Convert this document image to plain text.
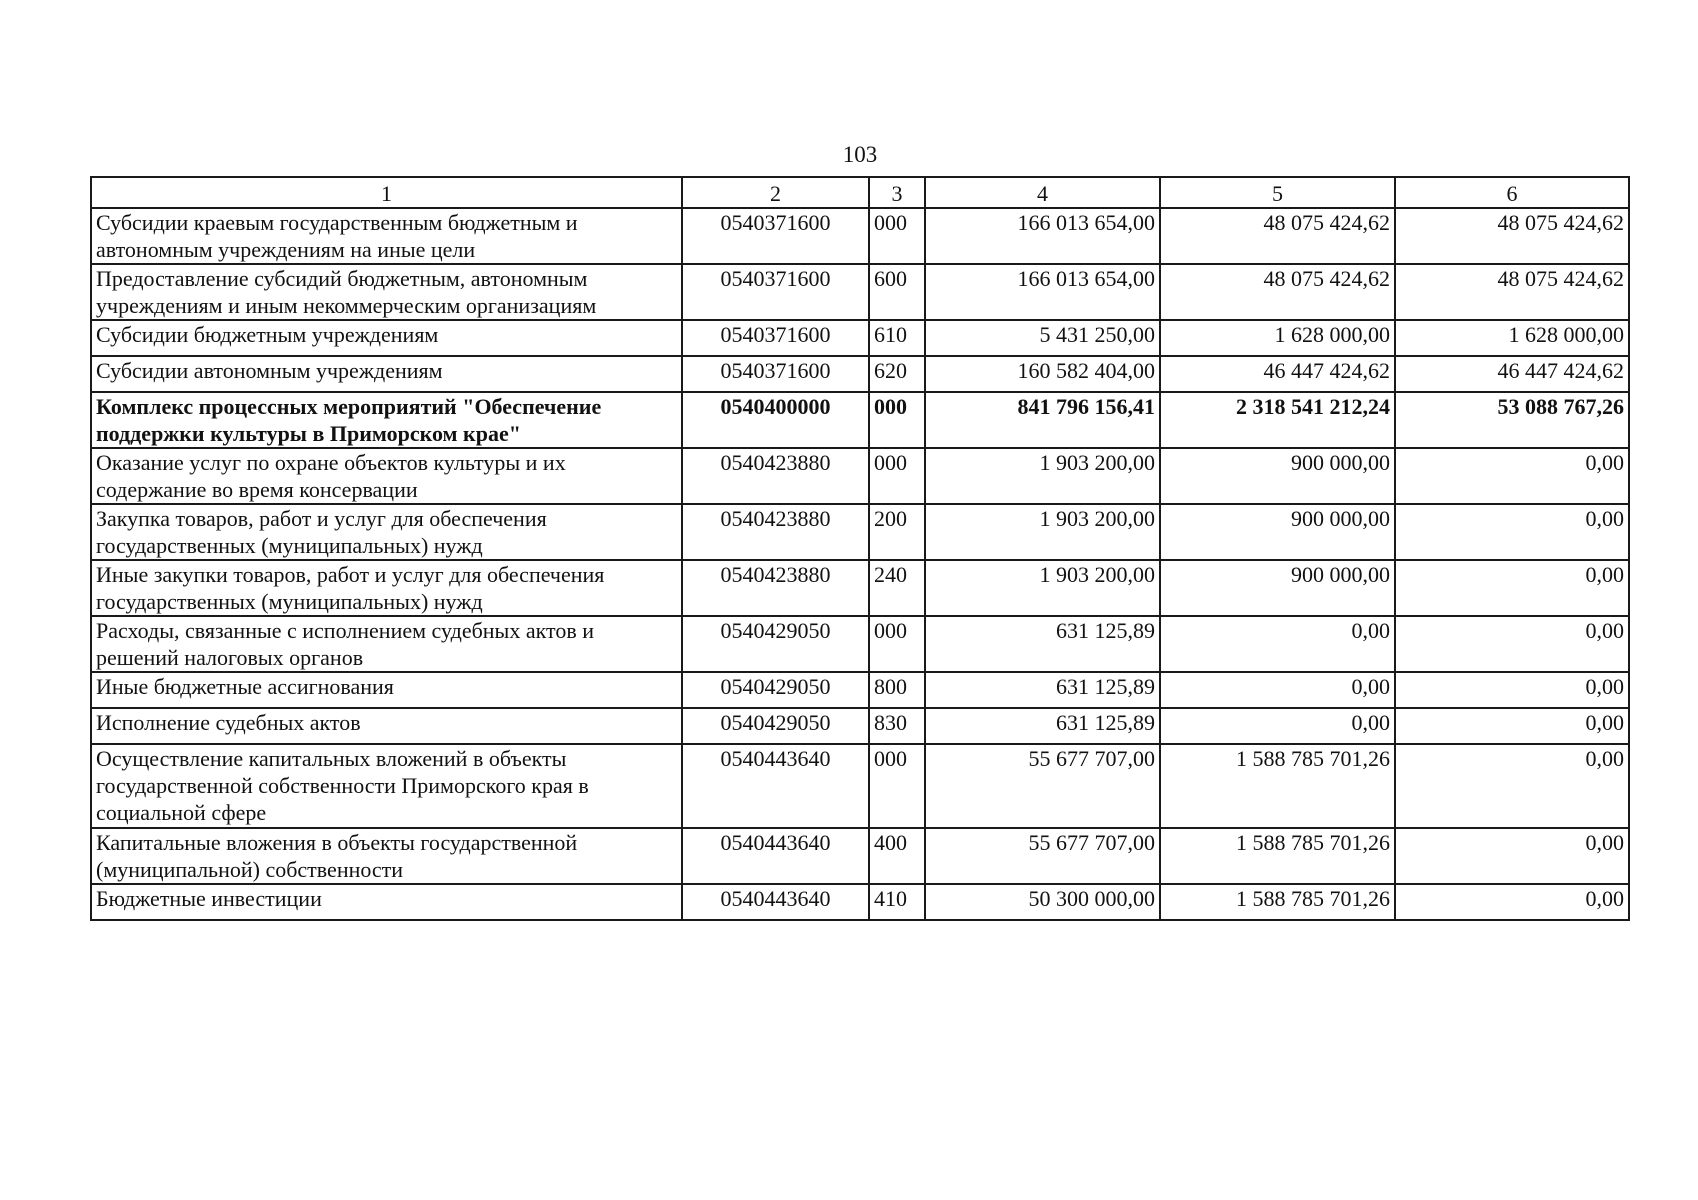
103
1	2	3	4	5	6
Субсидии краевым государственным бюджетным и автономным учреждениям на иные цели	0540371600	000	166 013 654,00	48 075 424,62	48 075 424,62
Предоставление субсидий бюджетным, автономным учреждениям и иным некоммерческим организациям	0540371600	600	166 013 654,00	48 075 424,62	48 075 424,62
Субсидии бюджетным учреждениям	0540371600	610	5 431 250,00	1 628 000,00	1 628 000,00
Субсидии автономным учреждениям	0540371600	620	160 582 404,00	46 447 424,62	46 447 424,62
Комплекс процессных мероприятий "Обеспечение поддержки культуры в Приморском крае"	0540400000	000	841 796 156,41	2 318 541 212,24	53 088 767,26
Оказание услуг по охране объектов культуры и их содержание во время консервации	0540423880	000	1 903 200,00	900 000,00	0,00
Закупка товаров, работ и услуг для обеспечения государственных (муниципальных) нужд	0540423880	200	1 903 200,00	900 000,00	0,00
Иные закупки товаров, работ и услуг для обеспечения государственных (муниципальных) нужд	0540423880	240	1 903 200,00	900 000,00	0,00
Расходы, связанные с исполнением судебных актов и решений налоговых органов	0540429050	000	631 125,89	0,00	0,00
Иные бюджетные ассигнования	0540429050	800	631 125,89	0,00	0,00
Исполнение судебных актов	0540429050	830	631 125,89	0,00	0,00
Осуществление капитальных вложений в объекты государственной собственности Приморского края в социальной сфере	0540443640	000	55 677 707,00	1 588 785 701,26	0,00
Капитальные вложения в объекты государственной (муниципальной) собственности	0540443640	400	55 677 707,00	1 588 785 701,26	0,00
Бюджетные инвестиции	0540443640	410	50 300 000,00	1 588 785 701,26	0,00
